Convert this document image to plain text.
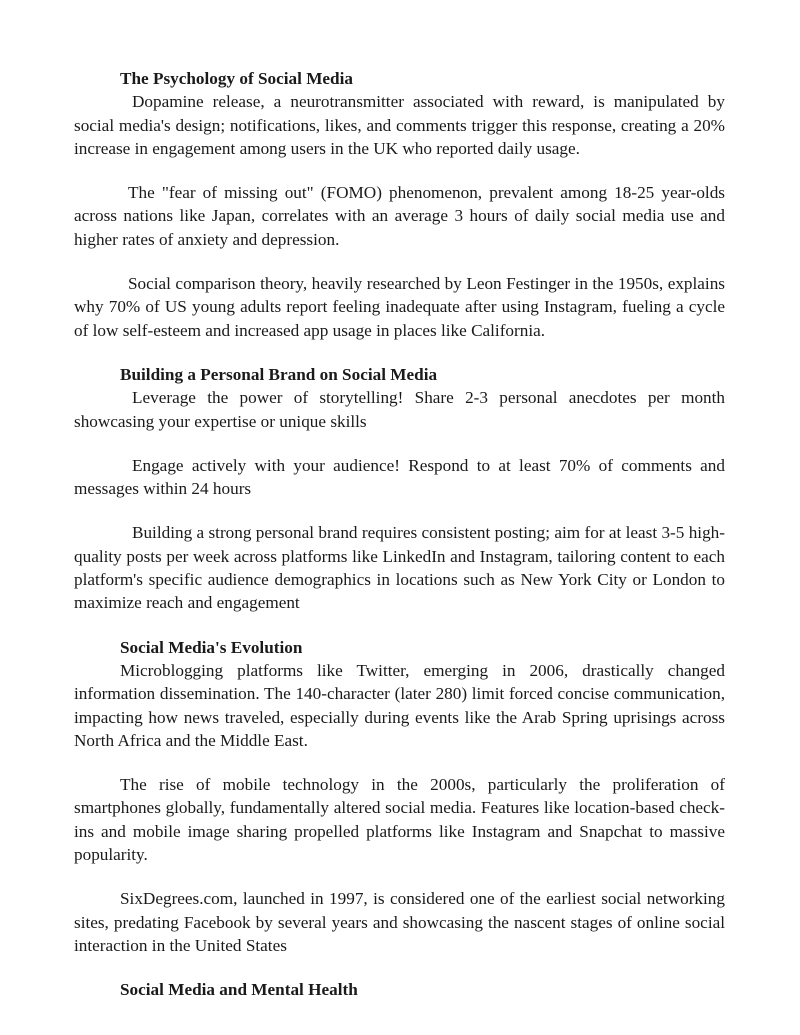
The Psychology of Social Media

Dopamine release, a neurotransmitter associated with reward, is manipulated by social media's design; notifications, likes, and comments trigger this response, creating a 20% increase in engagement among users in the UK who reported daily usage.

The "fear of missing out" (FOMO) phenomenon, prevalent among 18-25 year-olds across nations like Japan, correlates with an average 3 hours of daily social media use and higher rates of anxiety and depression.

Social comparison theory, heavily researched by Leon Festinger in the 1950s, explains why 70% of US young adults report feeling inadequate after using Instagram, fueling a cycle of low self-esteem and increased app usage in places like California.

Building a Personal Brand on Social Media

Leverage the power of storytelling! Share 2-3 personal anecdotes per month showcasing your expertise or unique skills

Engage actively with your audience! Respond to at least 70% of comments and messages within 24 hours

Building a strong personal brand requires consistent posting; aim for at least 3-5 high-quality posts per week across platforms like LinkedIn and Instagram, tailoring content to each platform's specific audience demographics in locations such as New York City or London to maximize reach and engagement

Social Media's Evolution

Microblogging platforms like Twitter, emerging in 2006, drastically changed information dissemination. The 140-character (later 280) limit forced concise communication, impacting how news traveled, especially during events like the Arab Spring uprisings across North Africa and the Middle East.

The rise of mobile technology in the 2000s, particularly the proliferation of smartphones globally, fundamentally altered social media. Features like location-based check-ins and mobile image sharing propelled platforms like Instagram and Snapchat to massive popularity.

SixDegrees.com, launched in 1997, is considered one of the earliest social networking sites, predating Facebook by several years and showcasing the nascent stages of online social interaction in the United States

Social Media and Mental Health
